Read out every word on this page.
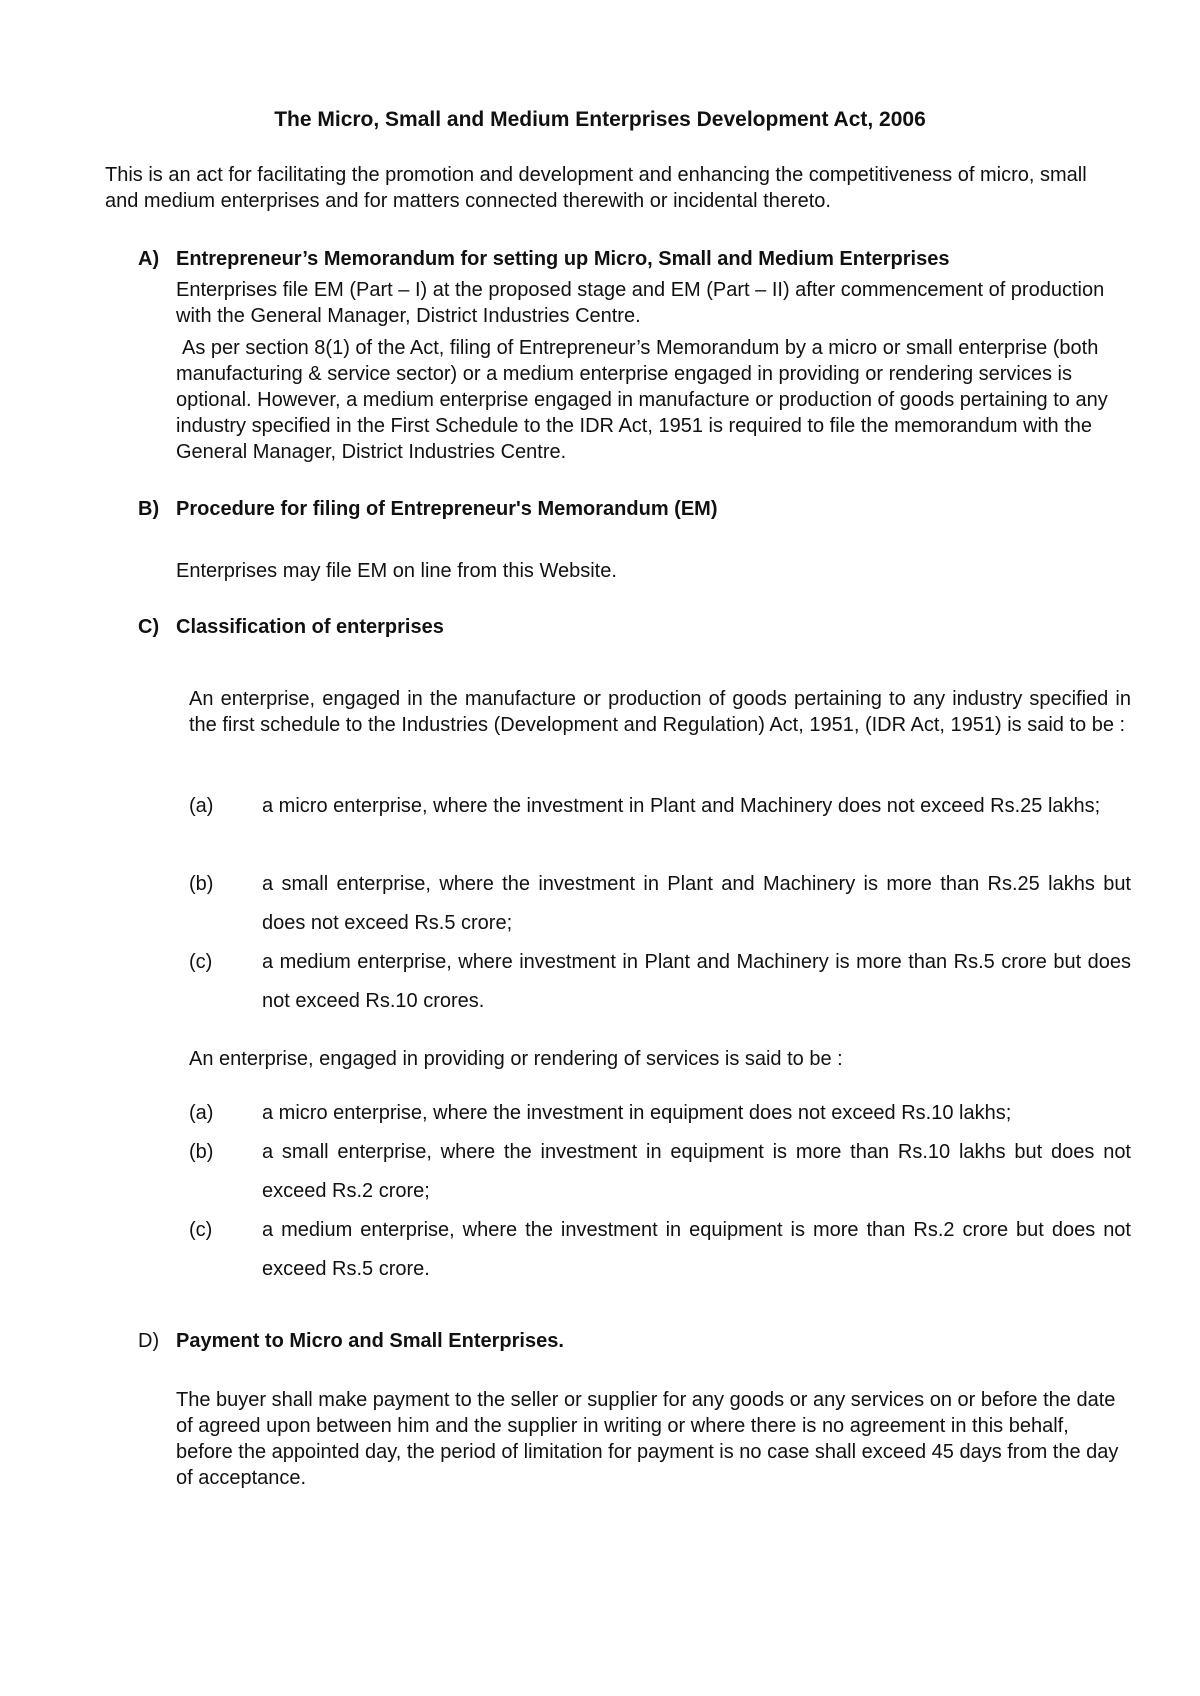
The Micro, Small and Medium Enterprises Development Act, 2006

This is an act for facilitating the promotion and development and enhancing the competitiveness of micro, small and medium enterprises and for matters connected therewith or incidental thereto.

A) Entrepreneur’s Memorandum for setting up Micro, Small and Medium Enterprises

Enterprises file EM (Part – I) at the proposed stage and EM (Part – II) after commencement of production with the General Manager, District Industries Centre.

As per section 8(1) of the Act, filing of Entrepreneur’s Memorandum by a micro or small enterprise (both manufacturing & service sector) or a medium enterprise engaged in providing or rendering services is optional. However, a medium enterprise engaged in manufacture or production of goods pertaining to any industry specified in the First Schedule to the IDR Act, 1951 is required to file the memorandum with the General Manager, District Industries Centre.

B) Procedure for filing of Entrepreneur's Memorandum (EM)

Enterprises may file EM on line from this Website.

C) Classification of enterprises

An enterprise, engaged in the manufacture or production of goods pertaining to any industry specified in the first schedule to the Industries (Development and Regulation) Act, 1951, (IDR Act, 1951) is said to be :

(a) a micro enterprise, where the investment in Plant and Machinery does not exceed Rs.25 lakhs;
(b) a small enterprise, where the investment in Plant and Machinery is more than Rs.25 lakhs but does not exceed Rs.5 crore;
(c) a medium enterprise, where investment in Plant and Machinery is more than Rs.5 crore but does not exceed Rs.10 crores.

An enterprise, engaged in providing or rendering of services is said to be :

(a) a micro enterprise, where the investment in equipment does not exceed Rs.10 lakhs;
(b) a small enterprise, where the investment in equipment is more than Rs.10 lakhs but does not exceed Rs.2 crore;
(c) a medium enterprise, where the investment in equipment is more than Rs.2 crore but does not exceed Rs.5 crore.
D) Payment to Micro and Small Enterprises.

The buyer shall make payment to the seller or supplier for any goods or any services on or before the date of agreed upon between him and the supplier in writing or where there is no agreement in this behalf, before the appointed day, the period of limitation for payment is no case shall exceed 45 days from the day of acceptance.
